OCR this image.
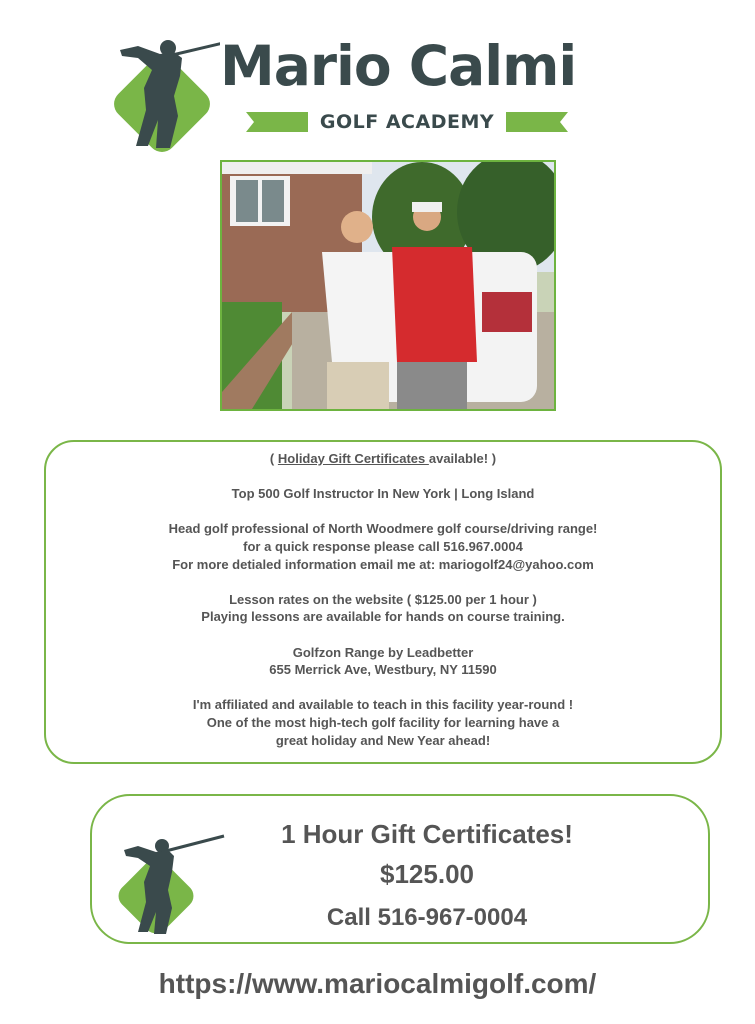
Mario Calmi
GOLF ACADEMY
( Holiday Gift Certificates available! )
Top 500 Golf Instructor In New York | Long Island
Head golf professional of North Woodmere golf course/driving range!
for a quick response please call 516.967.0004
For more detialed information email me at: mariogolf24@yahoo.com
Lesson rates on the website ( $125.00 per 1 hour )
Playing lessons are available for hands on course training.
Golfzon Range by Leadbetter
655 Merrick Ave, Westbury, NY 11590
I'm affiliated and available to teach in this facility year-round !
One of the most high-tech golf facility for learning have a
great holiday and New Year ahead!
1 Hour Gift Certificates!
$125.00
Call 516-967-0004
https://www.mariocalmigolf.com/
